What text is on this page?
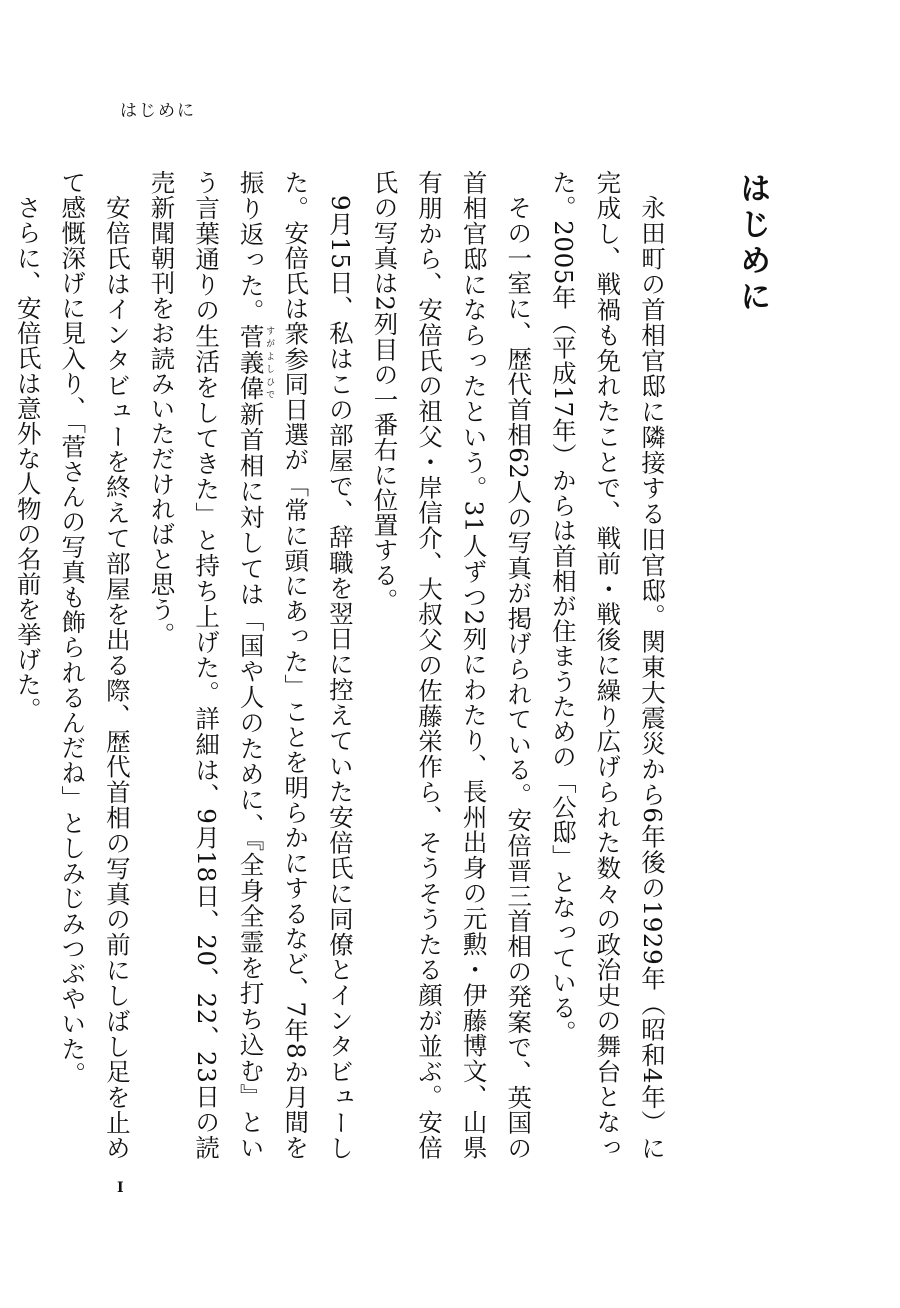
はじめに
はじめに

永田町の首相官邸に隣接する旧官邸。関東大震災から6年後の1929年（昭和4年）に完成し、戦禍も免れたことで、戦前・戦後に繰り広げられた数々の政治史の舞台となった。2005年（平成17年）からは首相が住まうための「公邸」となっている。

その一室に、歴代首相62人の写真が掲げられている。安倍晋三首相の発案で、英国の首相官邸にならったという。31人ずつ2列にわたり、長州出身の元勲・伊藤博文、山県有朋から、安倍氏の祖父・岸信介、大叔父の佐藤栄作ら、そうそうたる顔が並ぶ。安倍氏の写真は2列目の一番右に位置する。

9月15日、私はこの部屋で、辞職を翌日に控えていた安倍氏に同僚とインタビューした。安倍氏は衆参同日選が「常に頭にあった」ことを明らかにするなど、7年8か月間を振り返った。菅義偉すがよしひで新首相に対しては「国や人のために、『全身全霊を打ち込む』という言葉通りの生活をしてきた」と持ち上げた。詳細は、9月18日、20、22、23日の読売新聞朝刊をお読みいただければと思う。

安倍氏はインタビューを終えて部屋を出る際、歴代首相の写真の前にしばし足を止めて感慨深げに見入り、「菅さんの写真も飾られるんだね」としみじみつぶやいた。

さらに、安倍氏は意外な人物の名前を挙げた。

I
